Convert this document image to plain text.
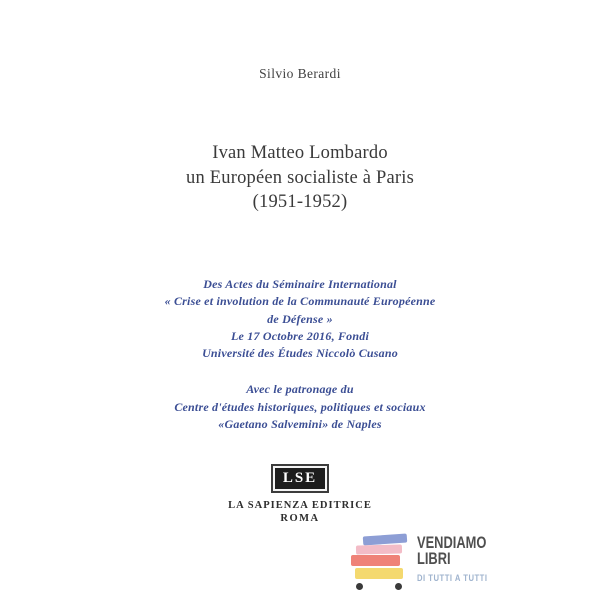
Silvio Berardi
Ivan Matteo Lombardo
un Européen socialiste à Paris
(1951-1952)
Des Actes du Séminaire International
« Crise et involution de la Communauté Européenne
de Défense »
Le 17 Octobre 2016, Fondi
Université des Études Niccolò Cusano
Avec le patronage du
Centre d'études historiques, politiques et sociaux
«Gaetano Salvemini» de Naples
LSE
LA SAPIENZA EDITRICE
ROMA
VENDIAMO
LIBRI
DI TUTTI A TUTTI
